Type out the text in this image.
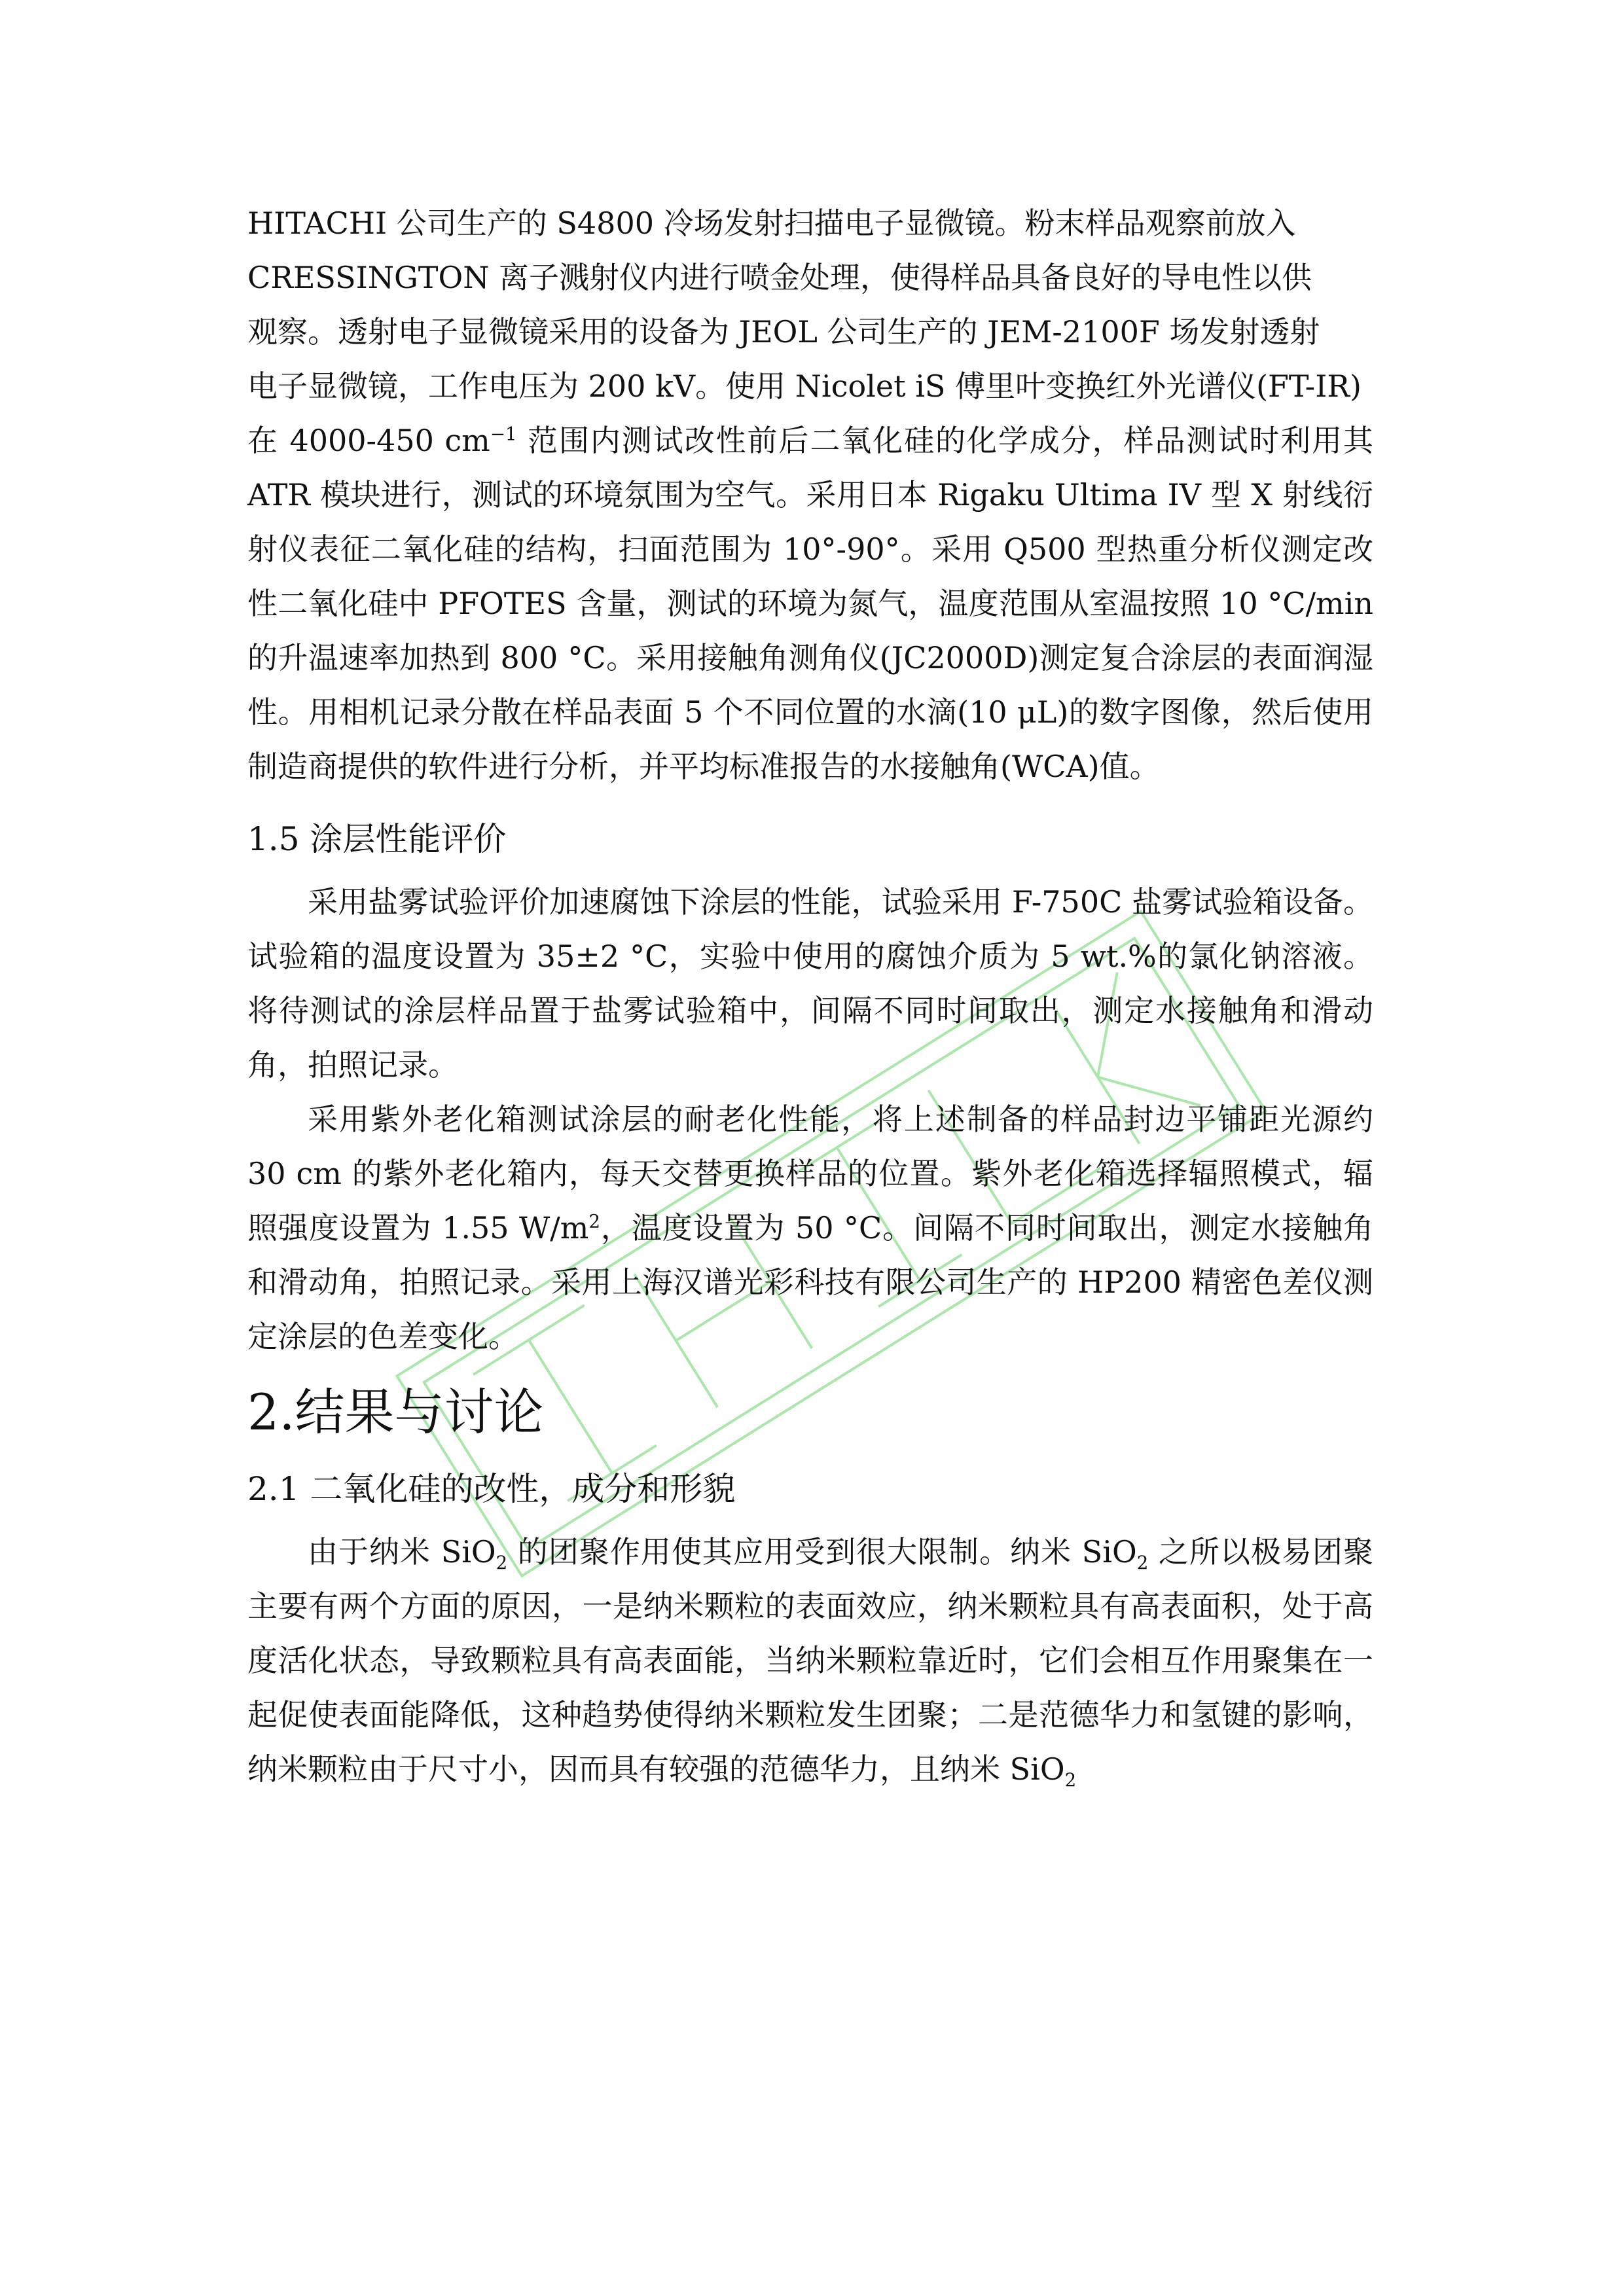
HITACHI 公司生产的 S4800 冷场发射扫描电子显微镜。粉末样品观察前放入
CRESSINGTON 离子溅射仪内进行喷金处理，使得样品具备良好的导电性以供
观察。透射电子显微镜采用的设备为 JEOL 公司生产的 JEM-2100F 场发射透射
电子显微镜，工作电压为 200 kV。使用 Nicolet iS 傅里叶变换红外光谱仪(FT-IR)
在 4000-450 $cm^{-1}$ 范围内测试改性前后二氧化硅的化学成分，样品测试时利用其 ATR 模块进行，测试的环境氛围为空气。采用日本 Rigaku Ultima IV 型 X 射线衍射仪表征二氧化硅的结构，扫面范围为 10°-90°。采用 Q500 型热重分析仪测定改性二氧化硅中 PFOTES 含量，测试的环境为氮气，温度范围从室温按照 10 °C/min 的升温速率加热到 800 °C。采用接触角测角仪(JC2000D)测定复合涂层的表面润湿性。用相机记录分散在样品表面 5 个不同位置的水滴(10 μL)的数字图像，然后使用制造商提供的软件进行分析，并平均标准报告的水接触角(WCA)值。

1.5 涂层性能评价

采用盐雾试验评价加速腐蚀下涂层的性能，试验采用 F-750C 盐雾试验箱设备。试验箱的温度设置为 35±2 °C，实验中使用的腐蚀介质为 5 wt.%的氯化钠溶液。将待测试的涂层样品置于盐雾试验箱中，间隔不同时间取出，测定水接触角和滑动角，拍照记录。

采用紫外老化箱测试涂层的耐老化性能，将上述制备的样品封边平铺距光源约 30 cm 的紫外老化箱内，每天交替更换样品的位置。紫外老化箱选择辐照模式，辐照强度设置为 1.55 $W/m^2$，温度设置为 50 °C。间隔不同时间取出，测定水接触角和滑动角，拍照记录。采用上海汉谱光彩科技有限公司生产的 HP200 精密色差仪测定涂层的色差变化。

2.结果与讨论
2.1 二氧化硅的改性，成分和形貌

由于纳米 SiO$_2$ 的团聚作用使其应用受到很大限制。纳米 SiO$_2$ 之所以极易团聚主要有两个方面的原因，一是纳米颗粒的表面效应，纳米颗粒具有高表面积，处于高度活化状态，导致颗粒具有高表面能，当纳米颗粒靠近时，它们会相互作用聚集在一起促使表面能降低，这种趋势使得纳米颗粒发生团聚；二是范德华力和氢键的影响，纳米颗粒由于尺寸小，因而具有较强的范德华力，且纳米 SiO$_2$
